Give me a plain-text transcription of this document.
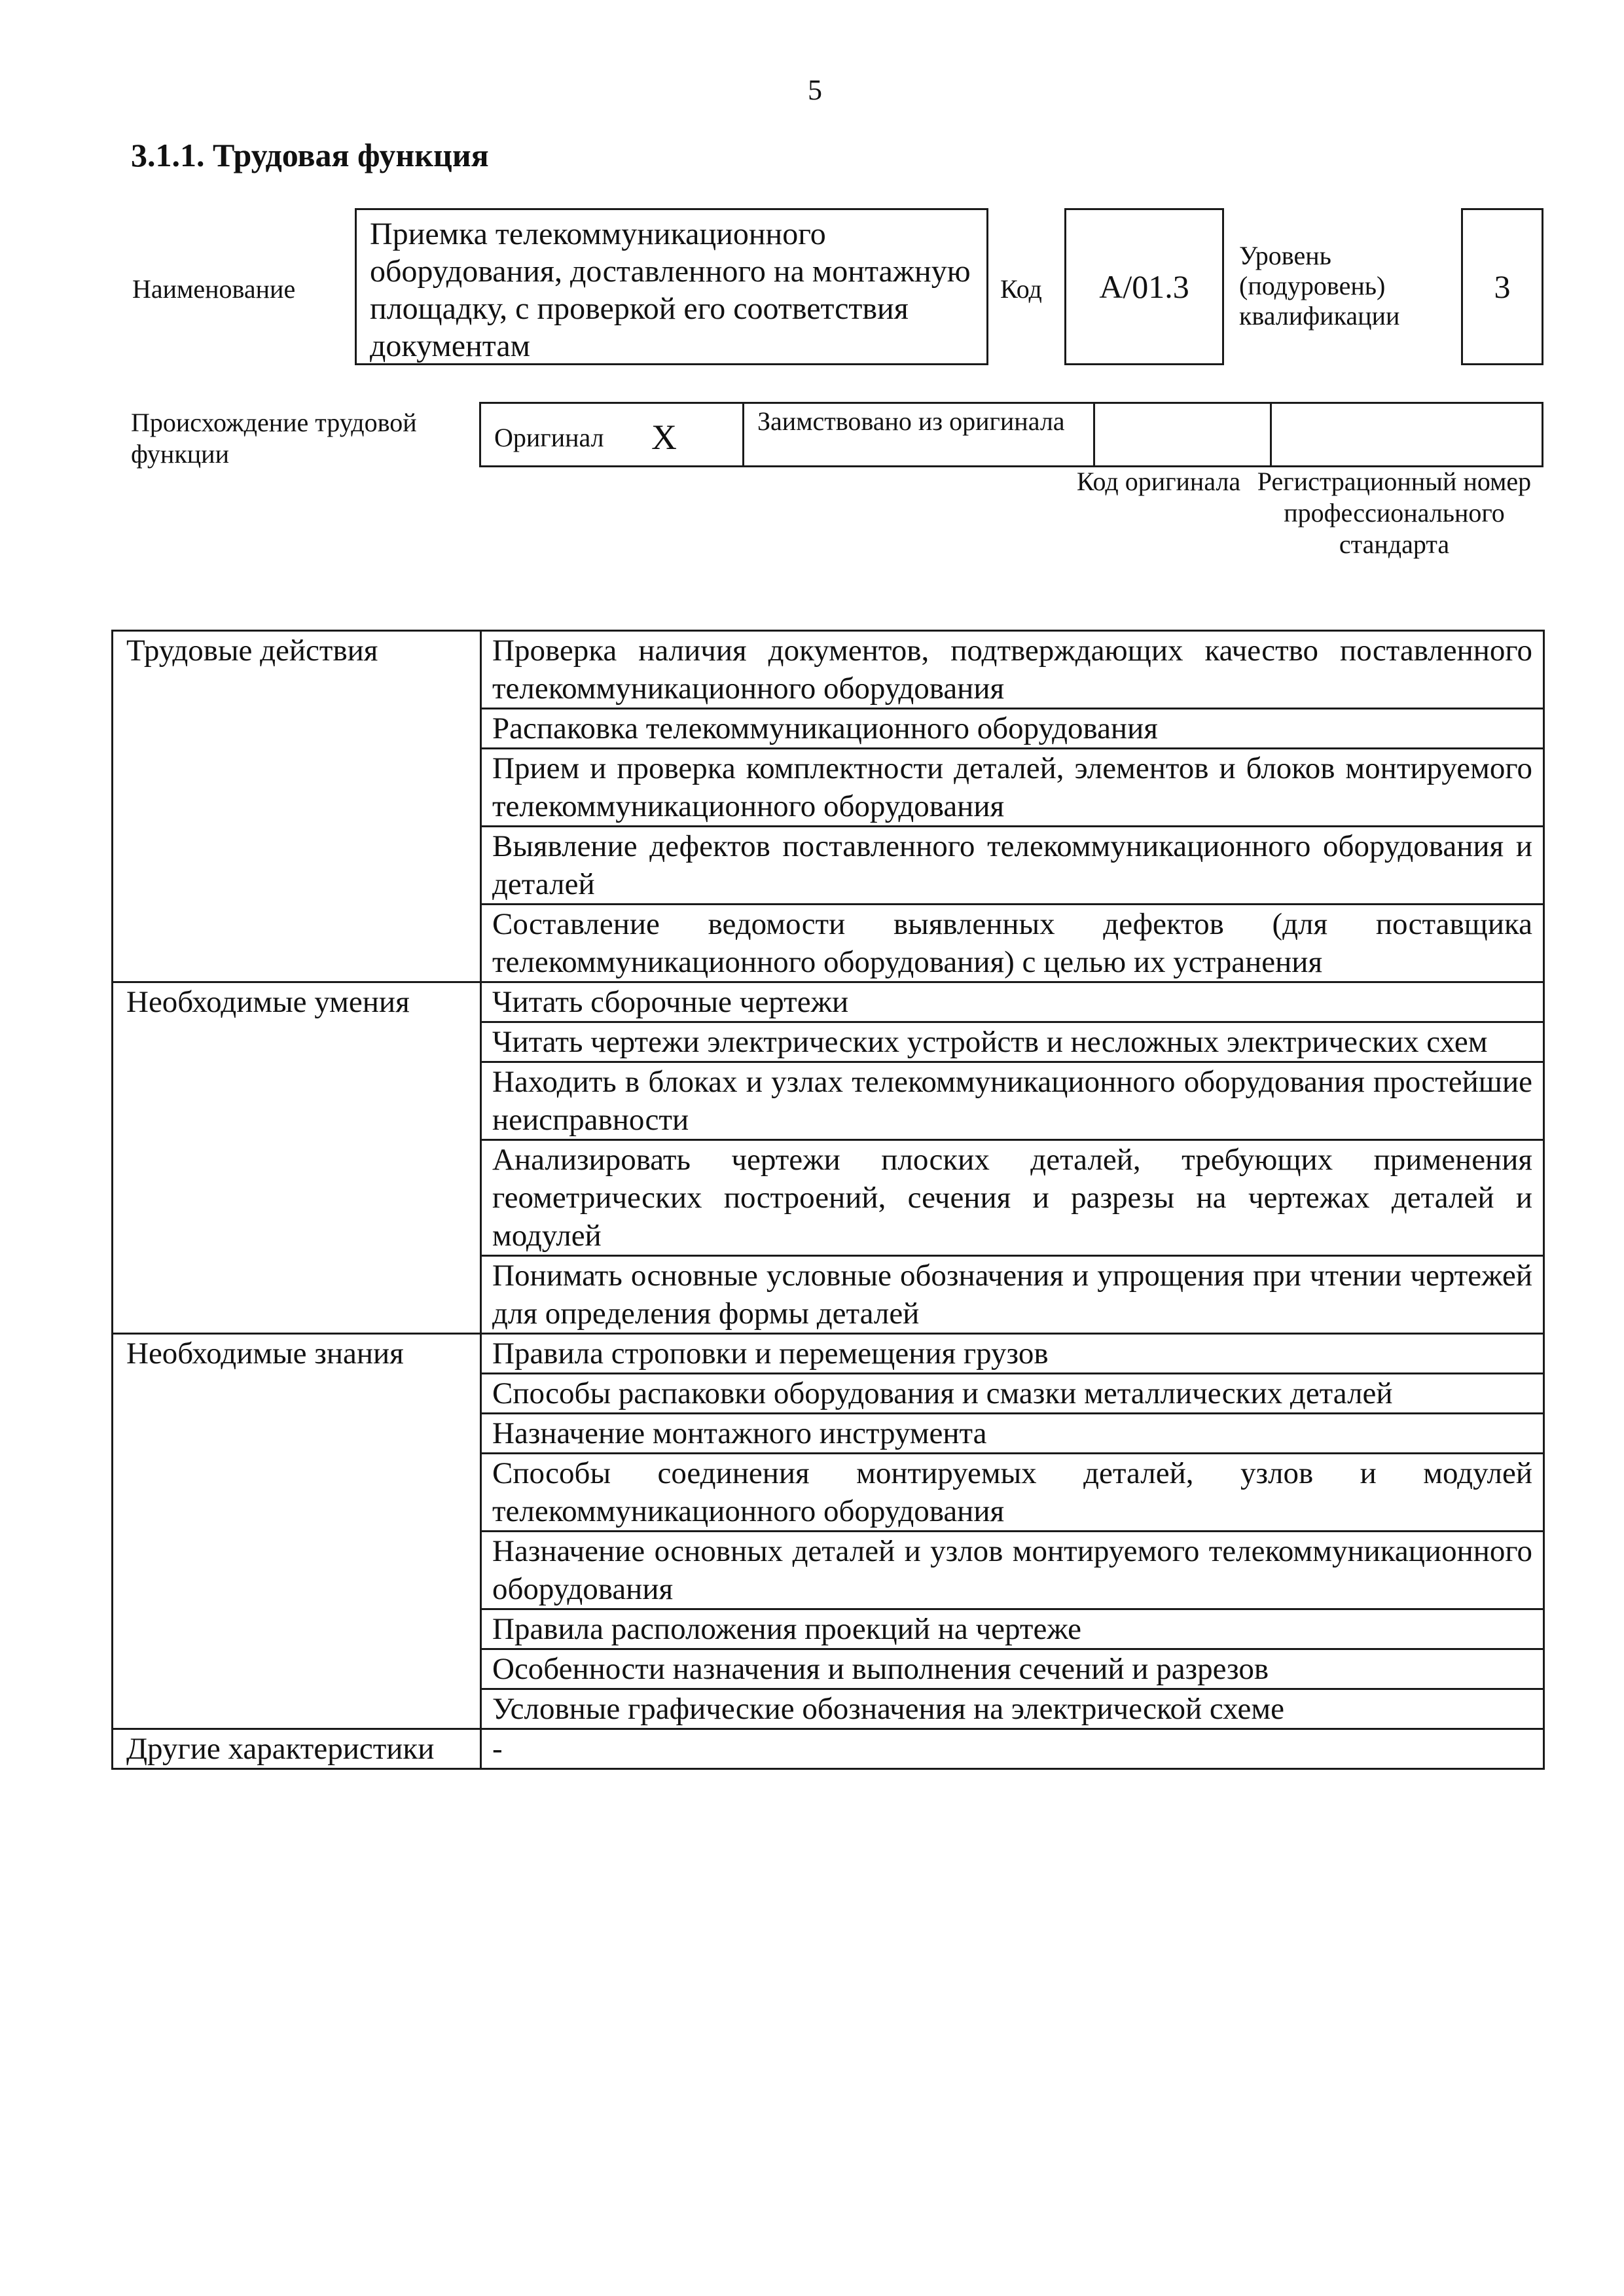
5
3.1.1. Трудовая функция
Наименование
Приемка телекоммуникационного оборудования, доставленного на монтажную площадку, с проверкой его соответствия документам
Код	А/01.3
Уровень
(подуровень)
квалификации
3
Происхождение трудовой функции
Оригинал X	Заимствовано из оригинала
Код оригинала Регистрационный номер профессионального стандарта
Трудовые действия	Проверка наличия документов, подтверждающих качество поставленного телекоммуникационного оборудования
	Распаковка телекоммуникационного оборудования
	Прием и проверка комплектности деталей, элементов и блоков монтируемого телекоммуникационного оборудования
	Выявление дефектов поставленного телекоммуникационного оборудования и деталей
	Составление ведомости выявленных дефектов (для поставщика телекоммуникационного оборудования) с целью их устранения
Необходимые умения	Читать сборочные чертежи
	Читать чертежи электрических устройств и несложных электрических схем
	Находить в блоках и узлах телекоммуникационного оборудования простейшие неисправности
	Анализировать чертежи плоских деталей, требующих применения геометрических построений, сечения и разрезы на чертежах деталей и модулей
	Понимать основные условные обозначения и упрощения при чтении чертежей для определения формы деталей
Необходимые знания	Правила строповки и перемещения грузов
	Способы распаковки оборудования и смазки металлических деталей
	Назначение монтажного инструмента
	Способы соединения монтируемых деталей, узлов и модулей телекоммуникационного оборудования
	Назначение основных деталей и узлов монтируемого телекоммуникационного оборудования
	Правила расположения проекций на чертеже
	Особенности назначения и выполнения сечений и разрезов
	Условные графические обозначения на электрической схеме
Другие характеристики	-
